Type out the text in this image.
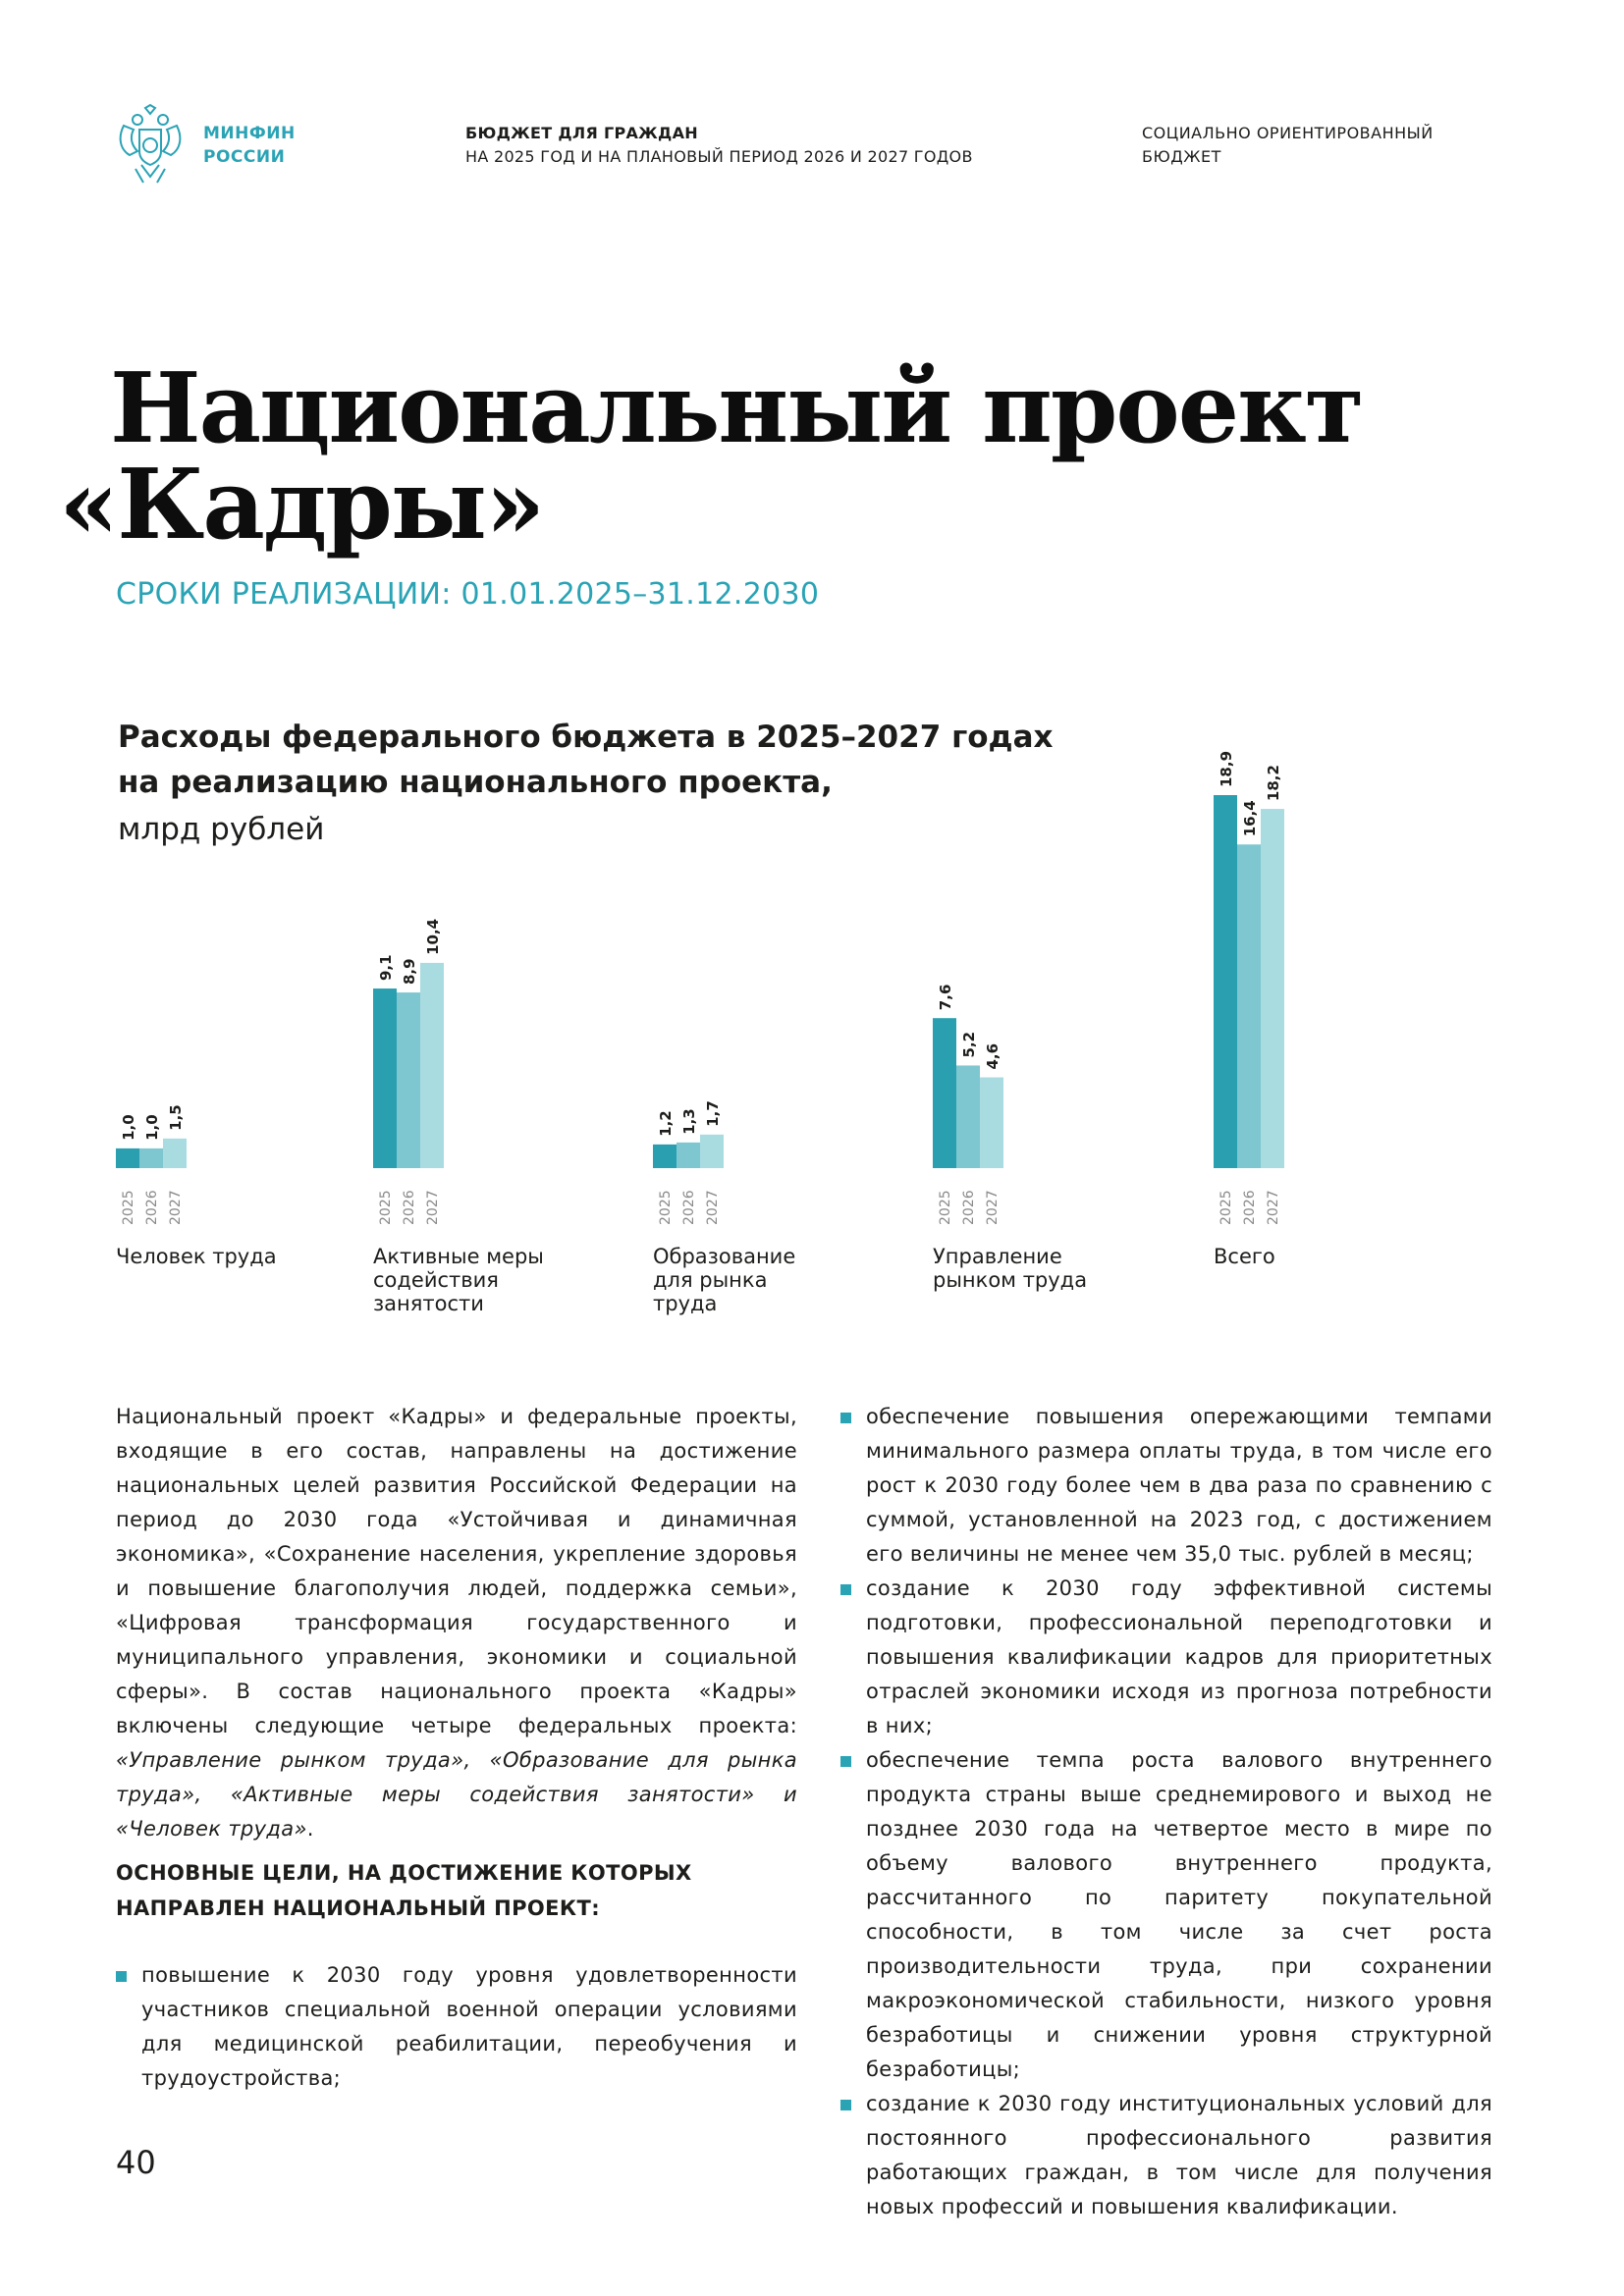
МИНФИН
РОССИИ
БЮДЖЕТ ДЛЯ ГРАЖДАН
НА 2025 ГОД И НА ПЛАНОВЫЙ ПЕРИОД 2026 И 2027 ГОДОВ
СОЦИАЛЬНО ОРИЕНТИРОВАННЫЙ
БЮДЖЕТ
Национальный проект
«Кадры»
СРОКИ РЕАЛИЗАЦИИ: 01.01.2025–31.12.2030
Расходы федерального бюджета в 2025–2027 годах
на реализацию национального проекта,
млрд рублей
1,0
2025
1,0
2026
1,5
2027
Человек труда
9,1
2025
8,9
2026
10,4
2027
Активные меры
содействия
занятости
1,2
2025
1,3
2026
1,7
2027
Образование
для рынка
труда
7,6
2025
5,2
2026
4,6
2027
Управление
рынком труда
18,9
2025
16,4
2026
18,2
2027
Всего

Национальный проект «Кадры» и федеральные проекты, входящие в его состав, направлены на достижение национальных целей развития Российской Федерации на период до 2030 года «Устойчивая и динамичная экономика», «Сохранение населения, укрепление здоровья и повышение благополучия людей, поддержка семьи», «Цифровая трансформация государственного и муниципального управления, экономики и социальной сферы». В состав национального проекта «Кадры» включены следующие четыре федеральных проекта: «Управление рынком труда», «Образование для рынка труда», «Активные меры содействия занятости» и «Человек труда».

ОСНОВНЫЕ ЦЕЛИ, НА ДОСТИЖЕНИЕ КОТОРЫХ НАПРАВЛЕН НАЦИОНАЛЬНЫЙ ПРОЕКТ:
повышение к 2030 году уровня удовлетворенности участников специальной военной операции условиями для медицинской реабилитации, переобучения и трудоустройства;
обеспечение повышения опережающими темпами минимального размера оплаты труда, в том числе его рост к 2030 году более чем в два раза по сравнению с суммой, установленной на 2023 год, с достижением его величины не менее чем 35,0 тыс. рублей в месяц;
создание к 2030 году эффективной системы подготовки, профессиональной переподготовки и повышения квалификации кадров для приоритетных отраслей экономики исходя из прогноза потребности в них;
обеспечение темпа роста валового внутреннего продукта страны выше среднемирового и выход не позднее 2030 года на четвертое место в мире по объему валового внутреннего продукта, рассчитанного по паритету покупательной способности, в том числе за счет роста производительности труда, при сохранении макроэкономической стабильности, низкого уровня безработицы и снижении уровня структурной безработицы;
создание к 2030 году институциональных условий для постоянного профессионального развития работающих граждан, в том числе для получения новых профессий и повышения квалификации.
40
